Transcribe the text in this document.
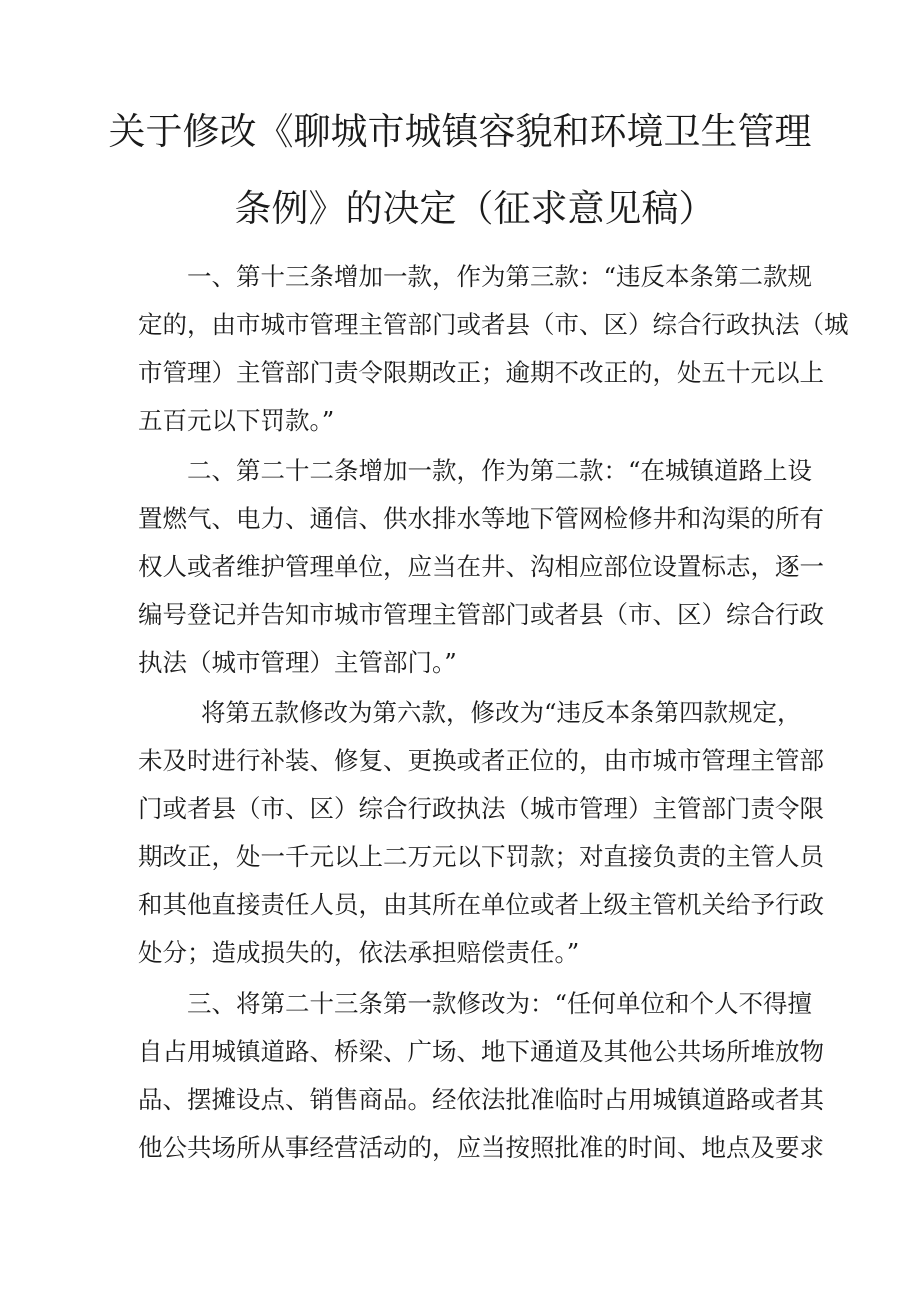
关于修改《聊城市城镇容貌和环境卫生管理
条例》的决定（征求意见稿）
一、第十三条增加一款，作为第三款：“违反本条第二款规
定的，由市城市管理主管部门或者县（市、区）综合行政执法（城
市管理）主管部门责令限期改正；逾期不改正的，处五十元以上
五百元以下罚款。”
二、第二十二条增加一款，作为第二款：“在城镇道路上设
置燃气、电力、通信、供水排水等地下管网检修井和沟渠的所有
权人或者维护管理单位，应当在井、沟相应部位设置标志，逐一
编号登记并告知市城市管理主管部门或者县（市、区）综合行政
执法（城市管理）主管部门。”
将第五款修改为第六款，修改为“违反本条第四款规定，
未及时进行补装、修复、更换或者正位的，由市城市管理主管部
门或者县（市、区）综合行政执法（城市管理）主管部门责令限
期改正，处一千元以上二万元以下罚款；对直接负责的主管人员
和其他直接责任人员，由其所在单位或者上级主管机关给予行政
处分；造成损失的，依法承担赔偿责任。”
三、将第二十三条第一款修改为：“任何单位和个人不得擅
自占用城镇道路、桥梁、广场、地下通道及其他公共场所堆放物
品、摆摊设点、销售商品。经依法批准临时占用城镇道路或者其
他公共场所从事经营活动的，应当按照批准的时间、地点及要求
